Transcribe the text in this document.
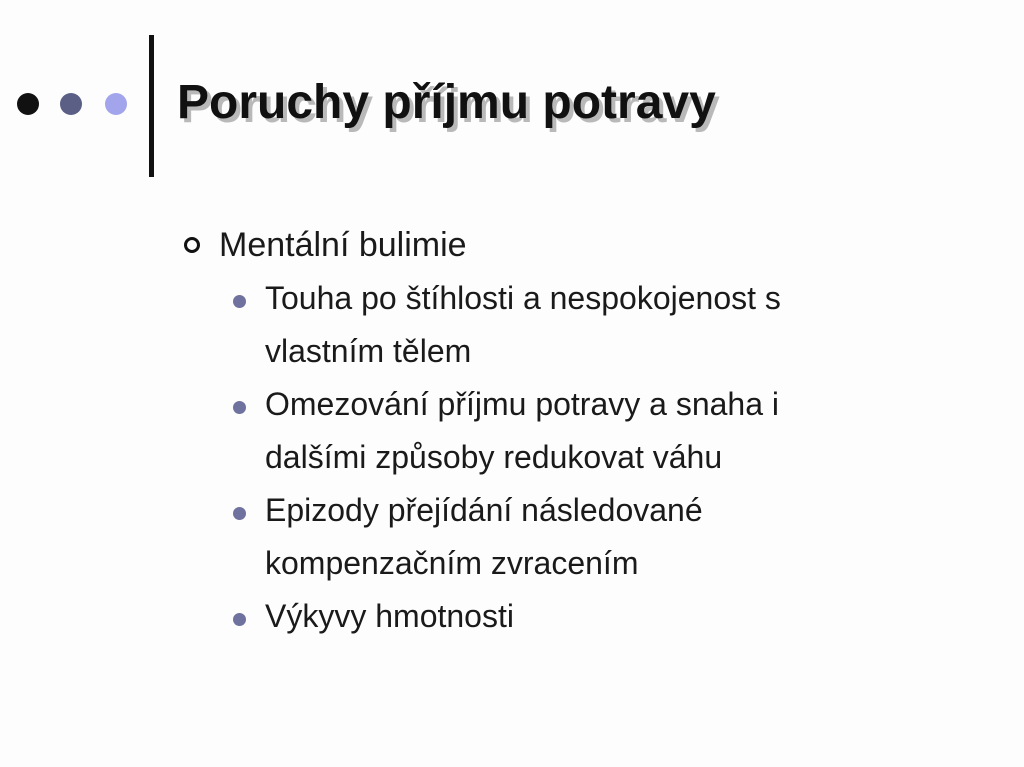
Poruchy příjmu potravy
Mentální bulimie
Touha po štíhlosti a nespokojenost s
vlastním tělem
Omezování příjmu potravy a snaha i
dalšími způsoby redukovat váhu
Epizody přejídání následované
kompenzačním zvracením
Výkyvy hmotnosti
